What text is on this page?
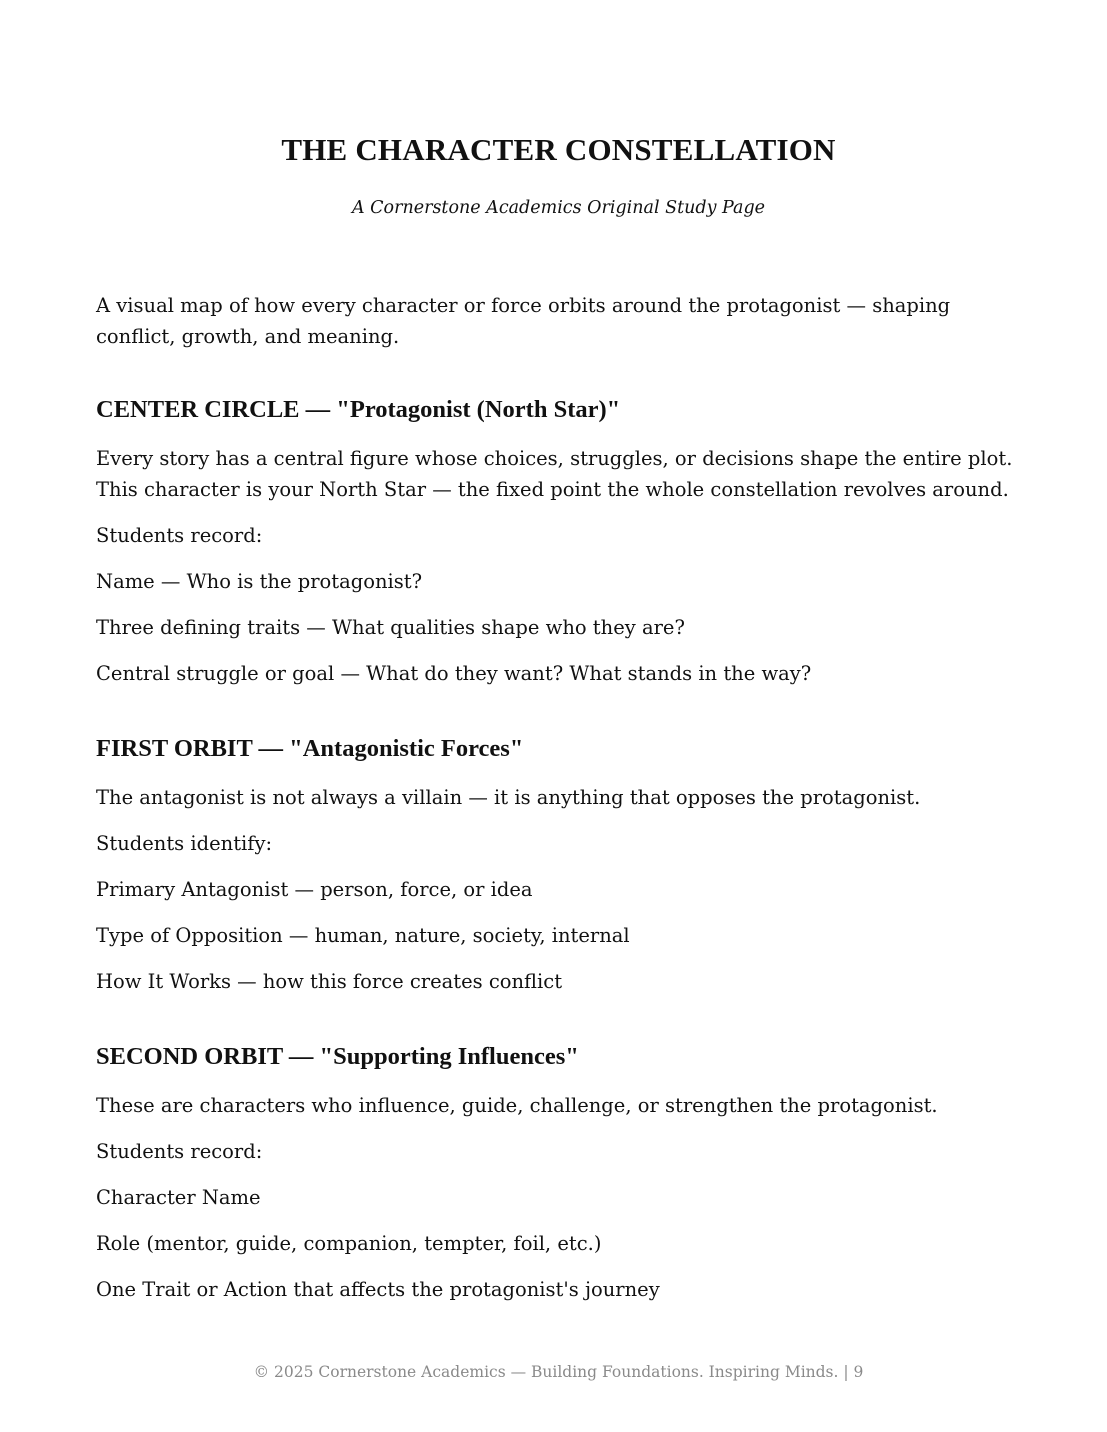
THE CHARACTER CONSTELLATION

A Cornerstone Academics Original Study Page

A visual map of how every character or force orbits around the protagonist — shaping conflict, growth, and meaning.

CENTER CIRCLE — "Protagonist (North Star)"

Every story has a central figure whose choices, struggles, or decisions shape the entire plot. This character is your North Star — the fixed point the whole constellation revolves around.

Students record:

Name — Who is the protagonist?

Three defining traits — What qualities shape who they are?

Central struggle or goal — What do they want? What stands in the way?

FIRST ORBIT — "Antagonistic Forces"

The antagonist is not always a villain — it is anything that opposes the protagonist.

Students identify:

Primary Antagonist — person, force, or idea

Type of Opposition — human, nature, society, internal

How It Works — how this force creates conflict

SECOND ORBIT — "Supporting Influences"

These are characters who influence, guide, challenge, or strengthen the protagonist.

Students record:

Character Name

Role (mentor, guide, companion, tempter, foil, etc.)

One Trait or Action that affects the protagonist's journey

© 2025 Cornerstone Academics — Building Foundations. Inspiring Minds. | 9
